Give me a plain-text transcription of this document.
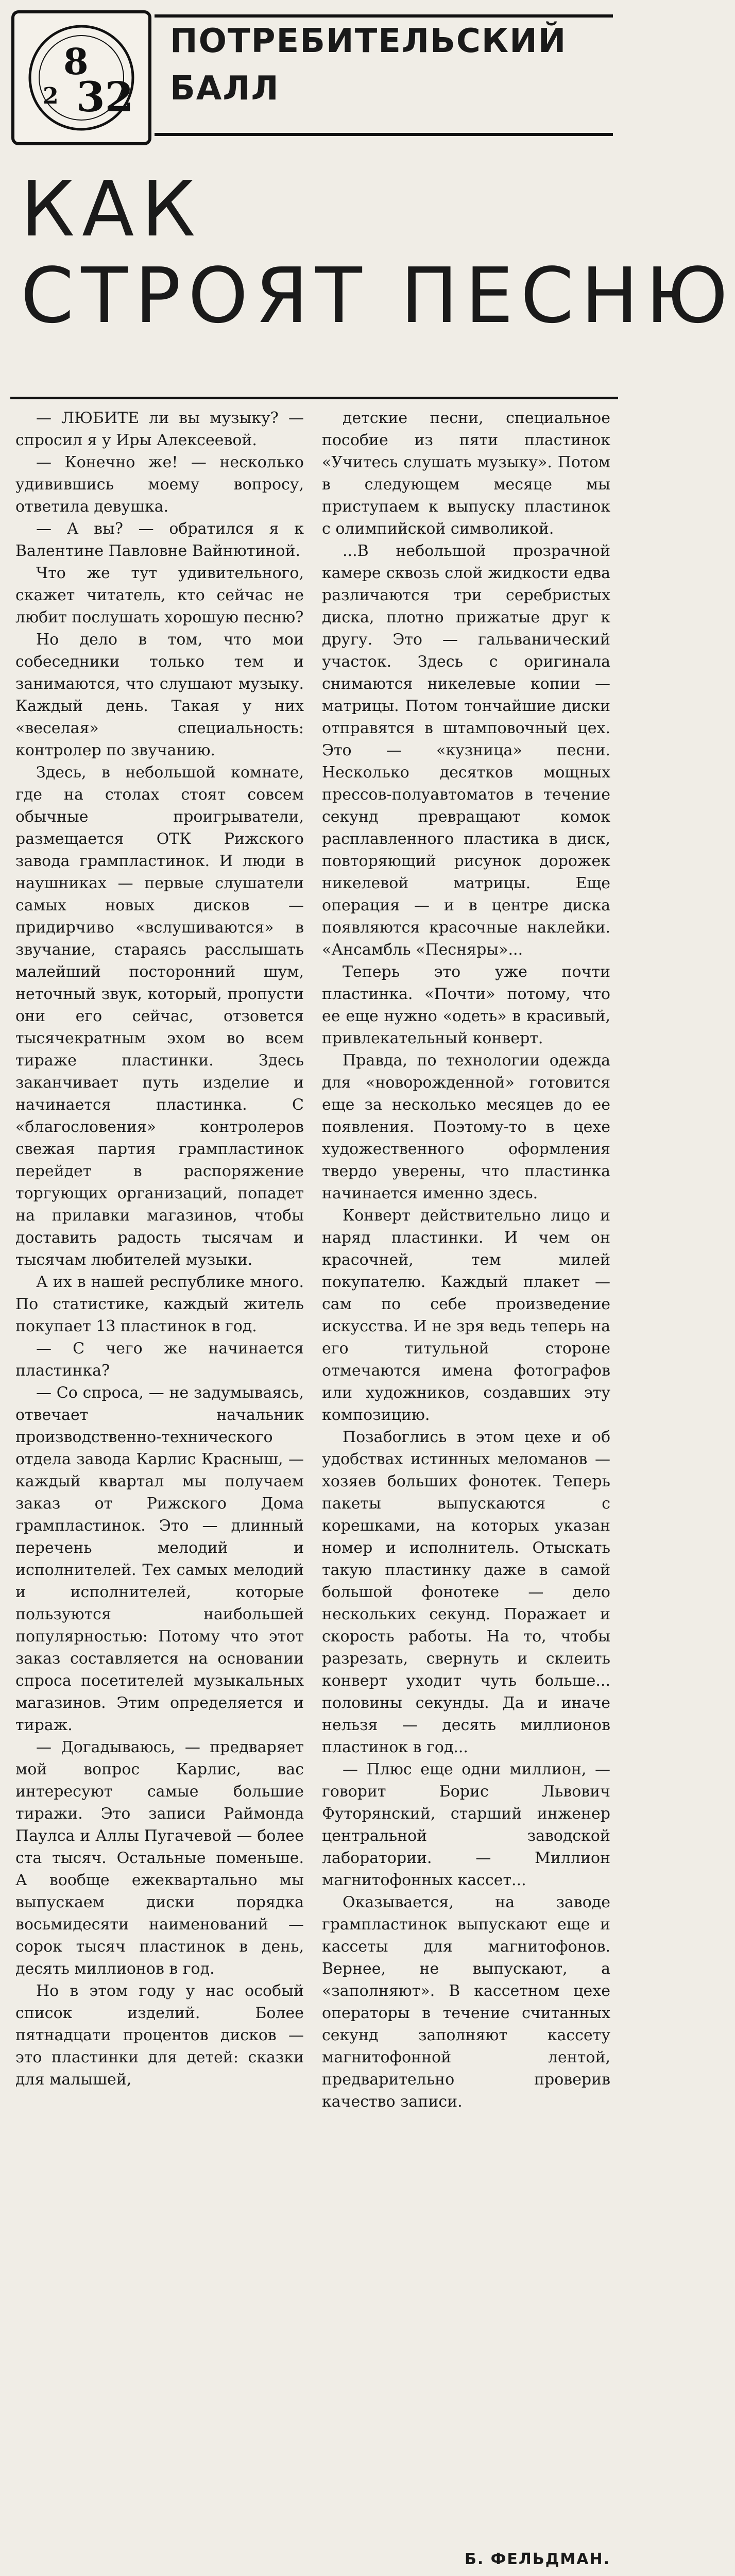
8
32
2
ПОТРЕБИТЕЛЬСКИЙ
БАЛЛ
КАК
СТРОЯТ ПЕСНЮ

— ЛЮБИТЕ ли вы музыку? — спросил я у Иры Алексеевой.

— Конечно же! — несколько удивившись моему вопросу, ответила девушка.

— А вы? — обратился я к Валентине Павловне Вайнютиной.

Что же тут удивительного, скажет читатель, кто сейчас не любит послушать хорошую песню?

Но дело в том, что мои собеседники только тем и занимаются, что слушают музыку. Каждый день. Такая у них «веселая» специальность: контролер по звучанию.

Здесь, в небольшой комнате, где на столах стоят совсем обычные проигрыватели, размещается ОТК Рижского завода грампластинок. И люди в наушниках — первые слушатели самых новых дисков — придирчиво «вслушиваются» в звучание, стараясь расслышать малейший посторонний шум, неточный звук, который, пропусти они его сейчас, отзовется тысячекратным эхом во всем тираже пластинки. Здесь заканчивает путь изделие и начинается пластинка. С «благословения» контролеров свежая партия грампластинок перейдет в распоряжение торгующих организаций, попадет на прилавки магазинов, чтобы доставить радость тысячам и тысячам любителей музыки.

А их в нашей республике много. По статистике, каждый житель покупает 13 пластинок в год.

— С чего же начинается пластинка?

— Со спроса, — не задумываясь, отвечает начальник производственно-технического отдела завода Карлис Красныш, — каждый квартал мы получаем заказ от Рижского Дома грампластинок. Это — длинный перечень мелодий и исполнителей. Тех самых мелодий и исполнителей, которые пользуются наибольшей популярностью: Потому что этот заказ составляется на основании спроса посетителей музыкальных магазинов. Этим определяется и тираж.

— Догадываюсь, — предваряет мой вопрос Карлис, вас интересуют самые большие тиражи. Это записи Раймонда Паулса и Аллы Пугачевой — более ста тысяч. Остальные поменьше. А вообще ежеквартально мы выпускаем диски порядка восьмидесяти наименований — сорок тысяч пластинок в день, десять миллионов в год.

Но в этом году у нас особый список изделий. Более пятнадцати процентов дисков — это пластинки для детей: сказки для малышей,

детские песни, специальное пособие из пяти пластинок «Учитесь слушать музыку». Потом в следующем месяце мы приступаем к выпуску пластинок с олимпийской символикой.

...В небольшой прозрачной камере сквозь слой жидкости едва различаются три серебристых диска, плотно прижатые друг к другу. Это — гальванический участок. Здесь с оригинала снимаются никелевые копии — матрицы. Потом тончайшие диски отправятся в штамповочный цех. Это — «кузница» песни. Несколько десятков мощных прессов-полуавтоматов в течение секунд превращают комок расплавленного пластика в диск, повторяющий рисунок дорожек никелевой матрицы. Еще операция — и в центре диска появляются красочные наклейки. «Ансамбль «Песняры»...

Теперь это уже почти пластинка. «Почти» потому, что ее еще нужно «одеть» в красивый, привлекательный конверт.

Правда, по технологии одежда для «новорожденной» готовится еще за несколько месяцев до ее появления. Поэтому-то в цехе художественного оформления твердо уверены, что пластинка начинается именно здесь.

Конверт действительно лицо и наряд пластинки. И чем он красочней, тем милей покупателю. Каждый плакет — сам по себе произведение искусства. И не зря ведь теперь на его титульной стороне отмечаются имена фотографов или художников, создавших эту композицию.

Позабоглись в этом цехе и об удобствах истинных меломанов — хозяев больших фонотек. Теперь пакеты выпускаются с корешками, на которых указан номер и исполнитель. Отыскать такую пластинку даже в самой большой фонотеке — дело нескольких секунд. Поражает и скорость работы. На то, чтобы разрезать, свернуть и склеить конверт уходит чуть больше... половины секунды. Да и иначе нельзя — десять миллионов пластинок в год...

— Плюс еще одни миллион, — говорит Борис Львович Футорянский, старший инженер центральной заводской лаборатории. — Миллион магнитофонных кассет...

Оказывается, на заводе грампластинок выпускают еще и кассеты для магнитофонов. Вернее, не выпускают, а «заполняют». В кассетном цехе операторы в течение считанных секунд заполняют кассету магнитофонной лентой, предварительно проверив качество записи.

Б. ФЕЛЬДМАН.
